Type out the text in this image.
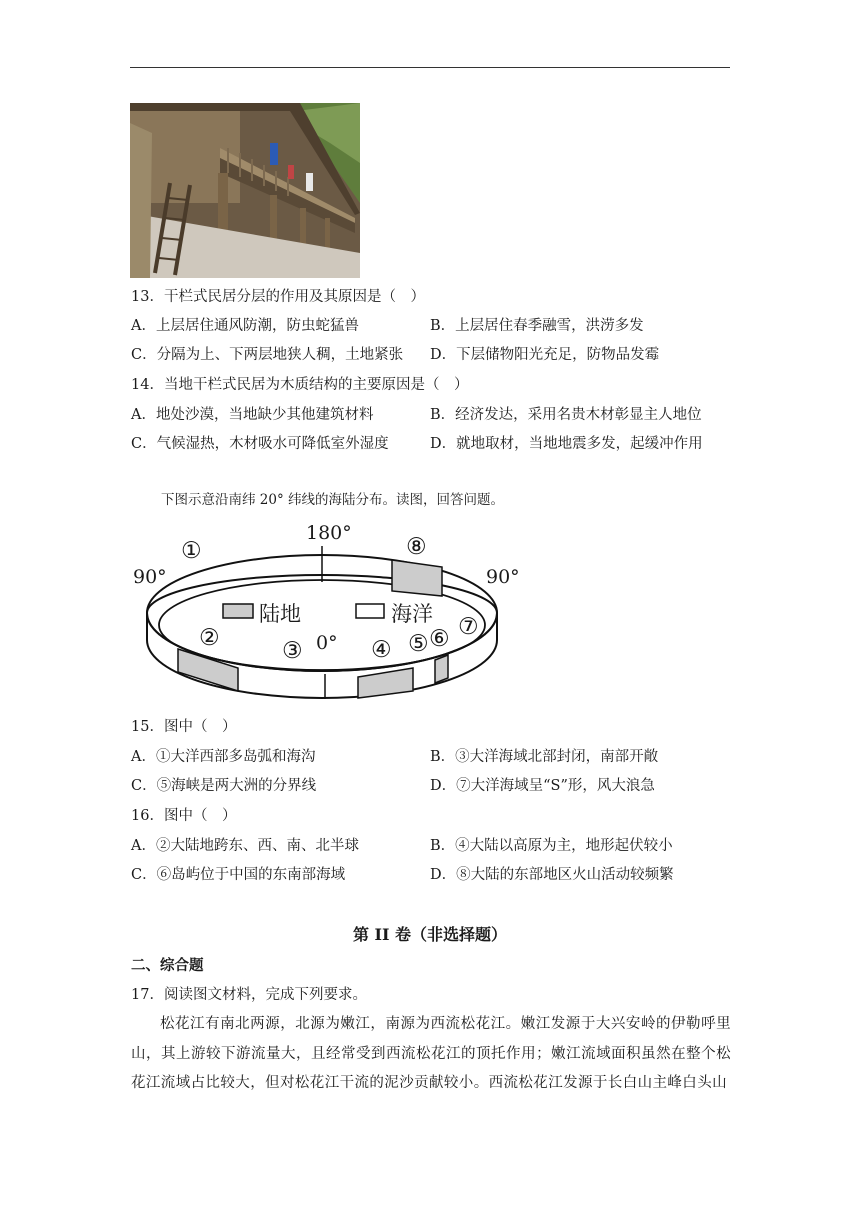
13．干栏式民居分层的作用及其原因是（　）
A．上层居住通风防潮，防虫蛇猛兽	B．上层居住春季融雪，洪涝多发
C．分隔为上、下两层地狭人稠，土地紧张 D．下层储物阳光充足，防物品发霉
14．当地干栏式民居为木质结构的主要原因是（　）
A．地处沙漠，当地缺少其他建筑材料	B．经济发达，采用名贵木材彰显主人地位
C．气候湿热，木材吸水可降低室外湿度	D．就地取材，当地地震多发，起缓冲作用
下图示意沿南纬 20° 纬线的海陆分布。读图，回答问题。
180°
90°	90°
0°
陆地	海洋
①
②	③	④ ⑤ ⑥ ⑦
⑧
15．图中（　）
A．①大洋西部多岛弧和海沟	B．③大洋海域北部封闭，南部开敞
C．⑤海峡是两大洲的分界线	D．⑦大洋海域呈“S”形，风大浪急
16．图中（　）
A．②大陆地跨东、西、南、北半球	B．④大陆以高原为主，地形起伏较小
C．⑥岛屿位于中国的东南部海域	D．⑧大陆的东部地区火山活动较频繁
第 II 卷（非选择题）
二、综合题
17．阅读图文材料，完成下列要求。
松花江有南北两源，北源为嫩江，南源为西流松花江。嫩江发源于大兴安岭的伊勒呼里山，其上游较下游流量大，且经常受到西流松花江的顶托作用；嫩江流域面积虽然在整个松花江流域占比较大，但对松花江干流的泥沙贡献较小。西流松花江发源于长白山主峰白头山
